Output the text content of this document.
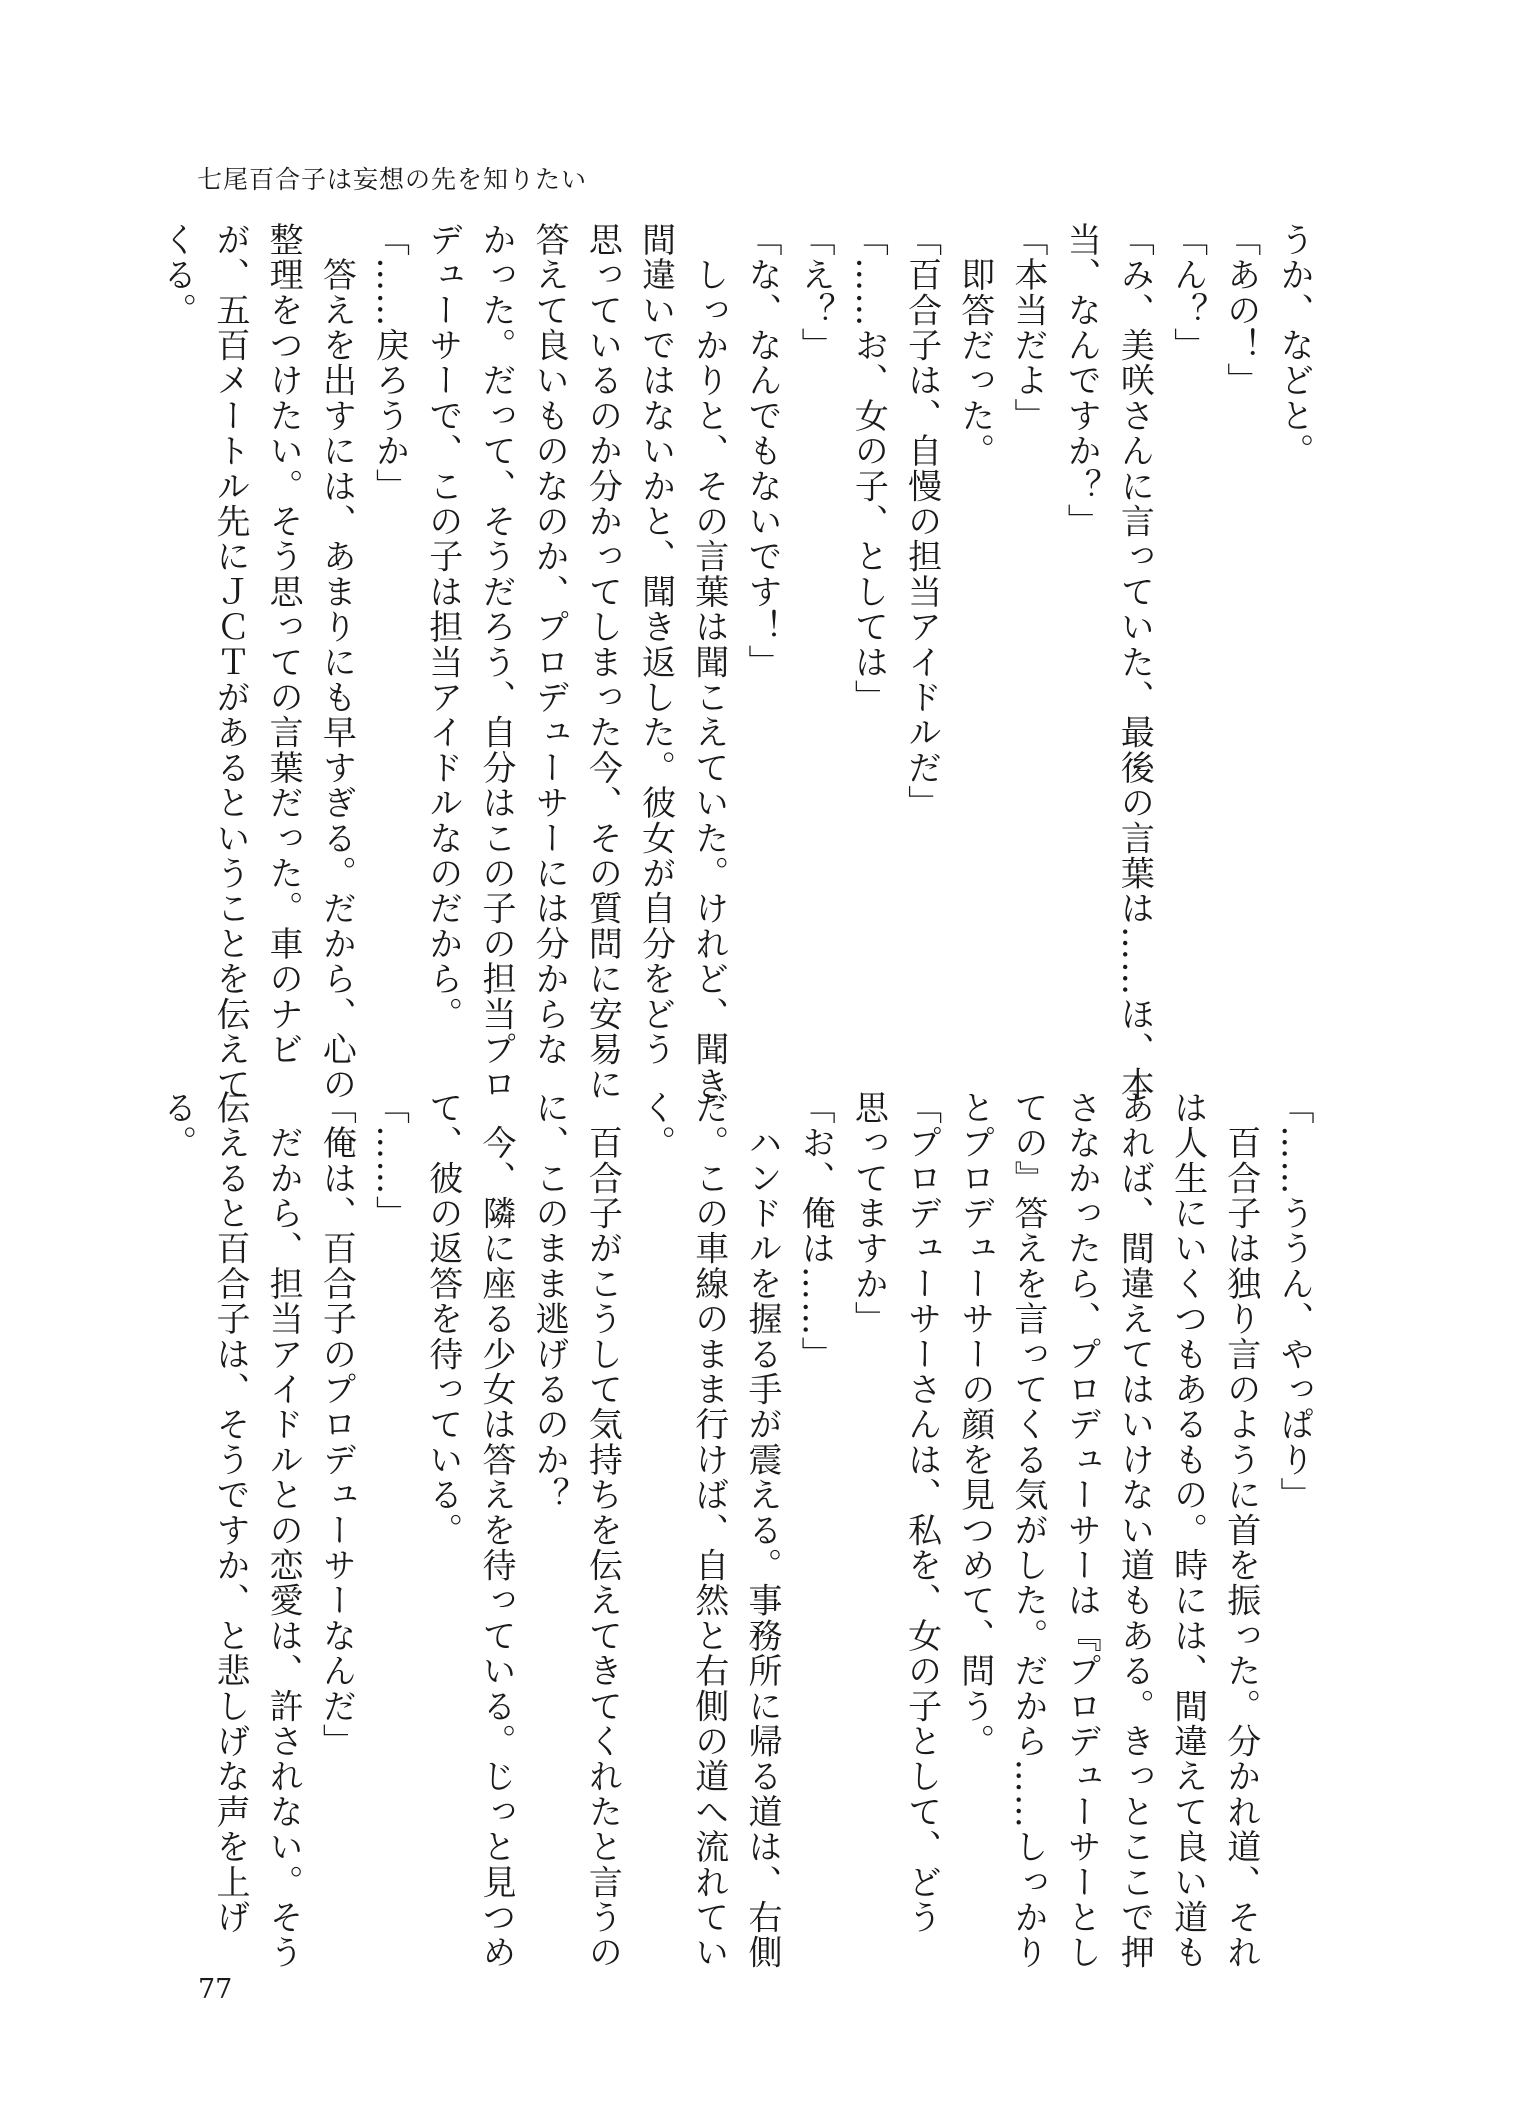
七尾百合子は妄想の先を知りたい

うか、などと。

「あの！」

「ん？」

「み、美咲さんに言っていた、最後の言葉は……ほ、本

当、なんですか？」

「本当だよ」

　即答だった。

「百合子は、自慢の担当アイドルだ」

「……お、女の子、としては」

「え？」

「な、なんでもないです！」

　しっかりと、その言葉は聞こえていた。けれど、聞き

間違いではないかと、聞き返した。彼女が自分をどう

思っているのか分かってしまった今、その質問に安易に

答えて良いものなのか、プロデューサーには分からな

かった。だって、そうだろう、自分はこの子の担当プロ

デューサーで、この子は担当アイドルなのだから。

「……戻ろうか」

　答えを出すには、あまりにも早すぎる。だから、心の

整理をつけたい。そう思っての言葉だった。車のナビ

が、五百メートル先にＪＣＴがあるということを伝えて

くる。

「……ううん、やっぱり」

　百合子は独り言のように首を振った。分かれ道、それ

は人生にいくつもあるもの。時には、間違えて良い道も

あれば、間違えてはいけない道もある。きっとここで押

さなかったら、プロデューサーは『プロデューサーとし

ての』答えを言ってくる気がした。だから……しっかり

とプロデューサーの顔を見つめて、問う。

「プロデューサーさんは、私を、女の子として、どう

思ってますか」

「お、俺は……」

　ハンドルを握る手が震える。事務所に帰る道は、右側

だ。この車線のまま行けば、自然と右側の道へ流れてい

く。

　百合子がこうして気持ちを伝えてきてくれたと言うの

に、このまま逃げるのか？

　今、隣に座る少女は答えを待っている。じっと見つめ

て、彼の返答を待っている。

「……」

「俺は、百合子のプロデューサーなんだ」

　だから、担当アイドルとの恋愛は、許されない。そう

伝えると百合子は、そうですか、と悲しげな声を上げ

る。

77
